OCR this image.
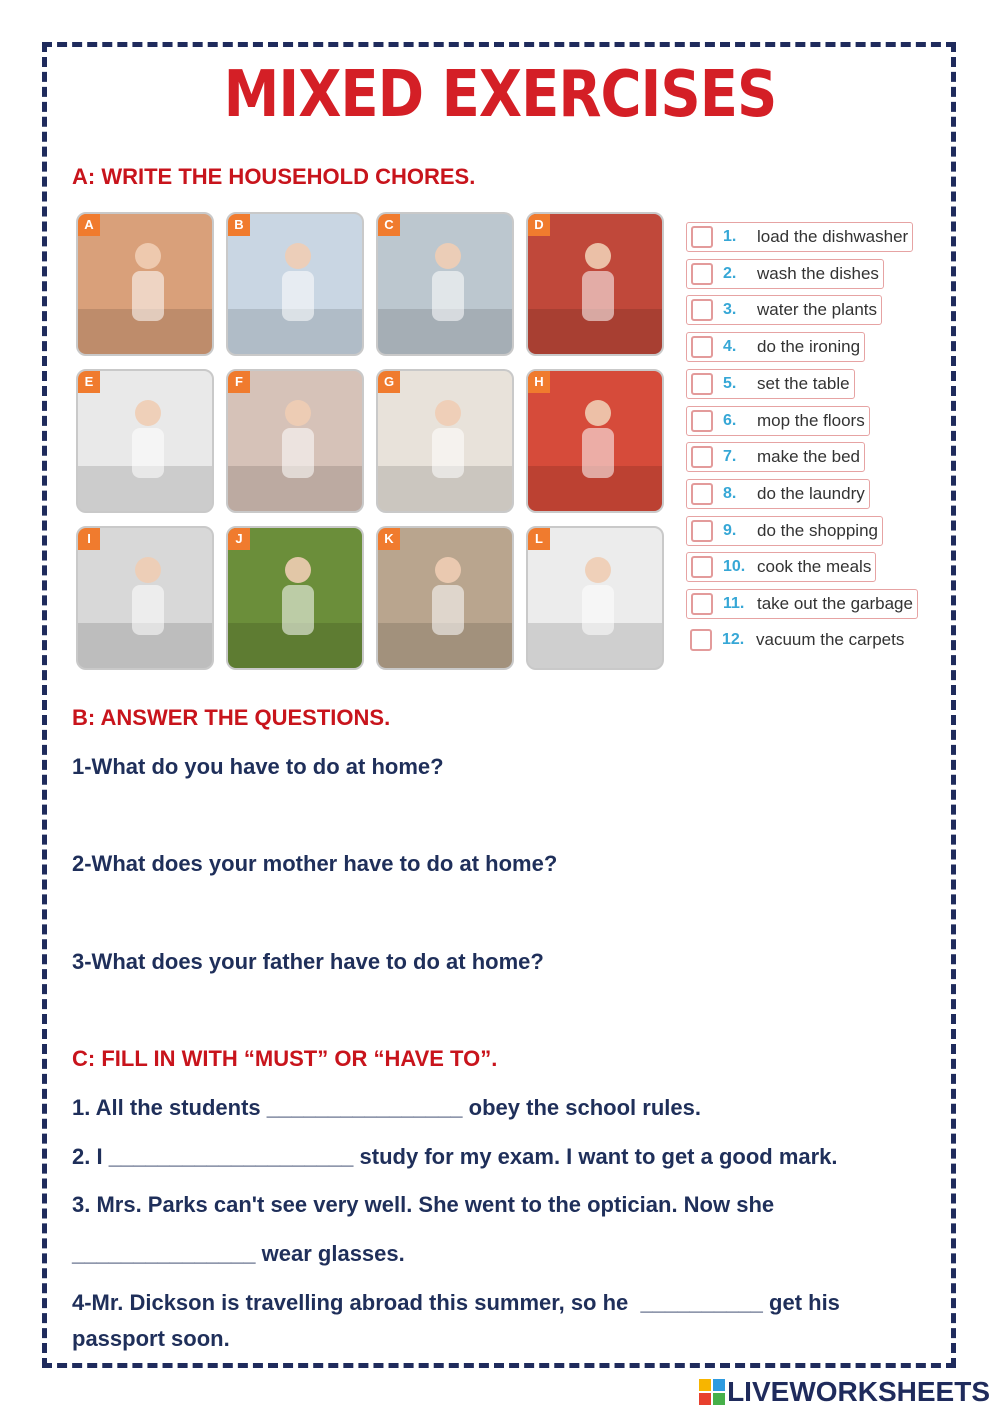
MIXED EXERCISES
A: WRITE THE HOUSEHOLD CHORES.
A	B	C	D
E	F	G	H
I	J	K	L
1.	load the dishwasher
2.	wash the dishes
3.	water the plants
4.	do the ironing
5.	set the table
6.	mop the floors
7.	make the bed
8.	do the laundry
9.	do the shopping
10. cook the meals
11. take out the garbage
12. vacuum the carpets
B: ANSWER THE QUESTIONS.
1-What do you have to do at home?
2-What does your mother have to do at home?
3-What does your father have to do at home?
C: FILL IN WITH “MUST” OR “HAVE TO”.
1. All the students ________________ obey the school rules.
2. I ____________________ study for my exam. I want to get a good mark.
3. Mrs. Parks can't see very well. She went to the optician. Now she
_______________ wear glasses.
4-Mr. Dickson is travelling abroad this summer, so he  __________ get his
passport soon.
LIVEWORKSHEETS
